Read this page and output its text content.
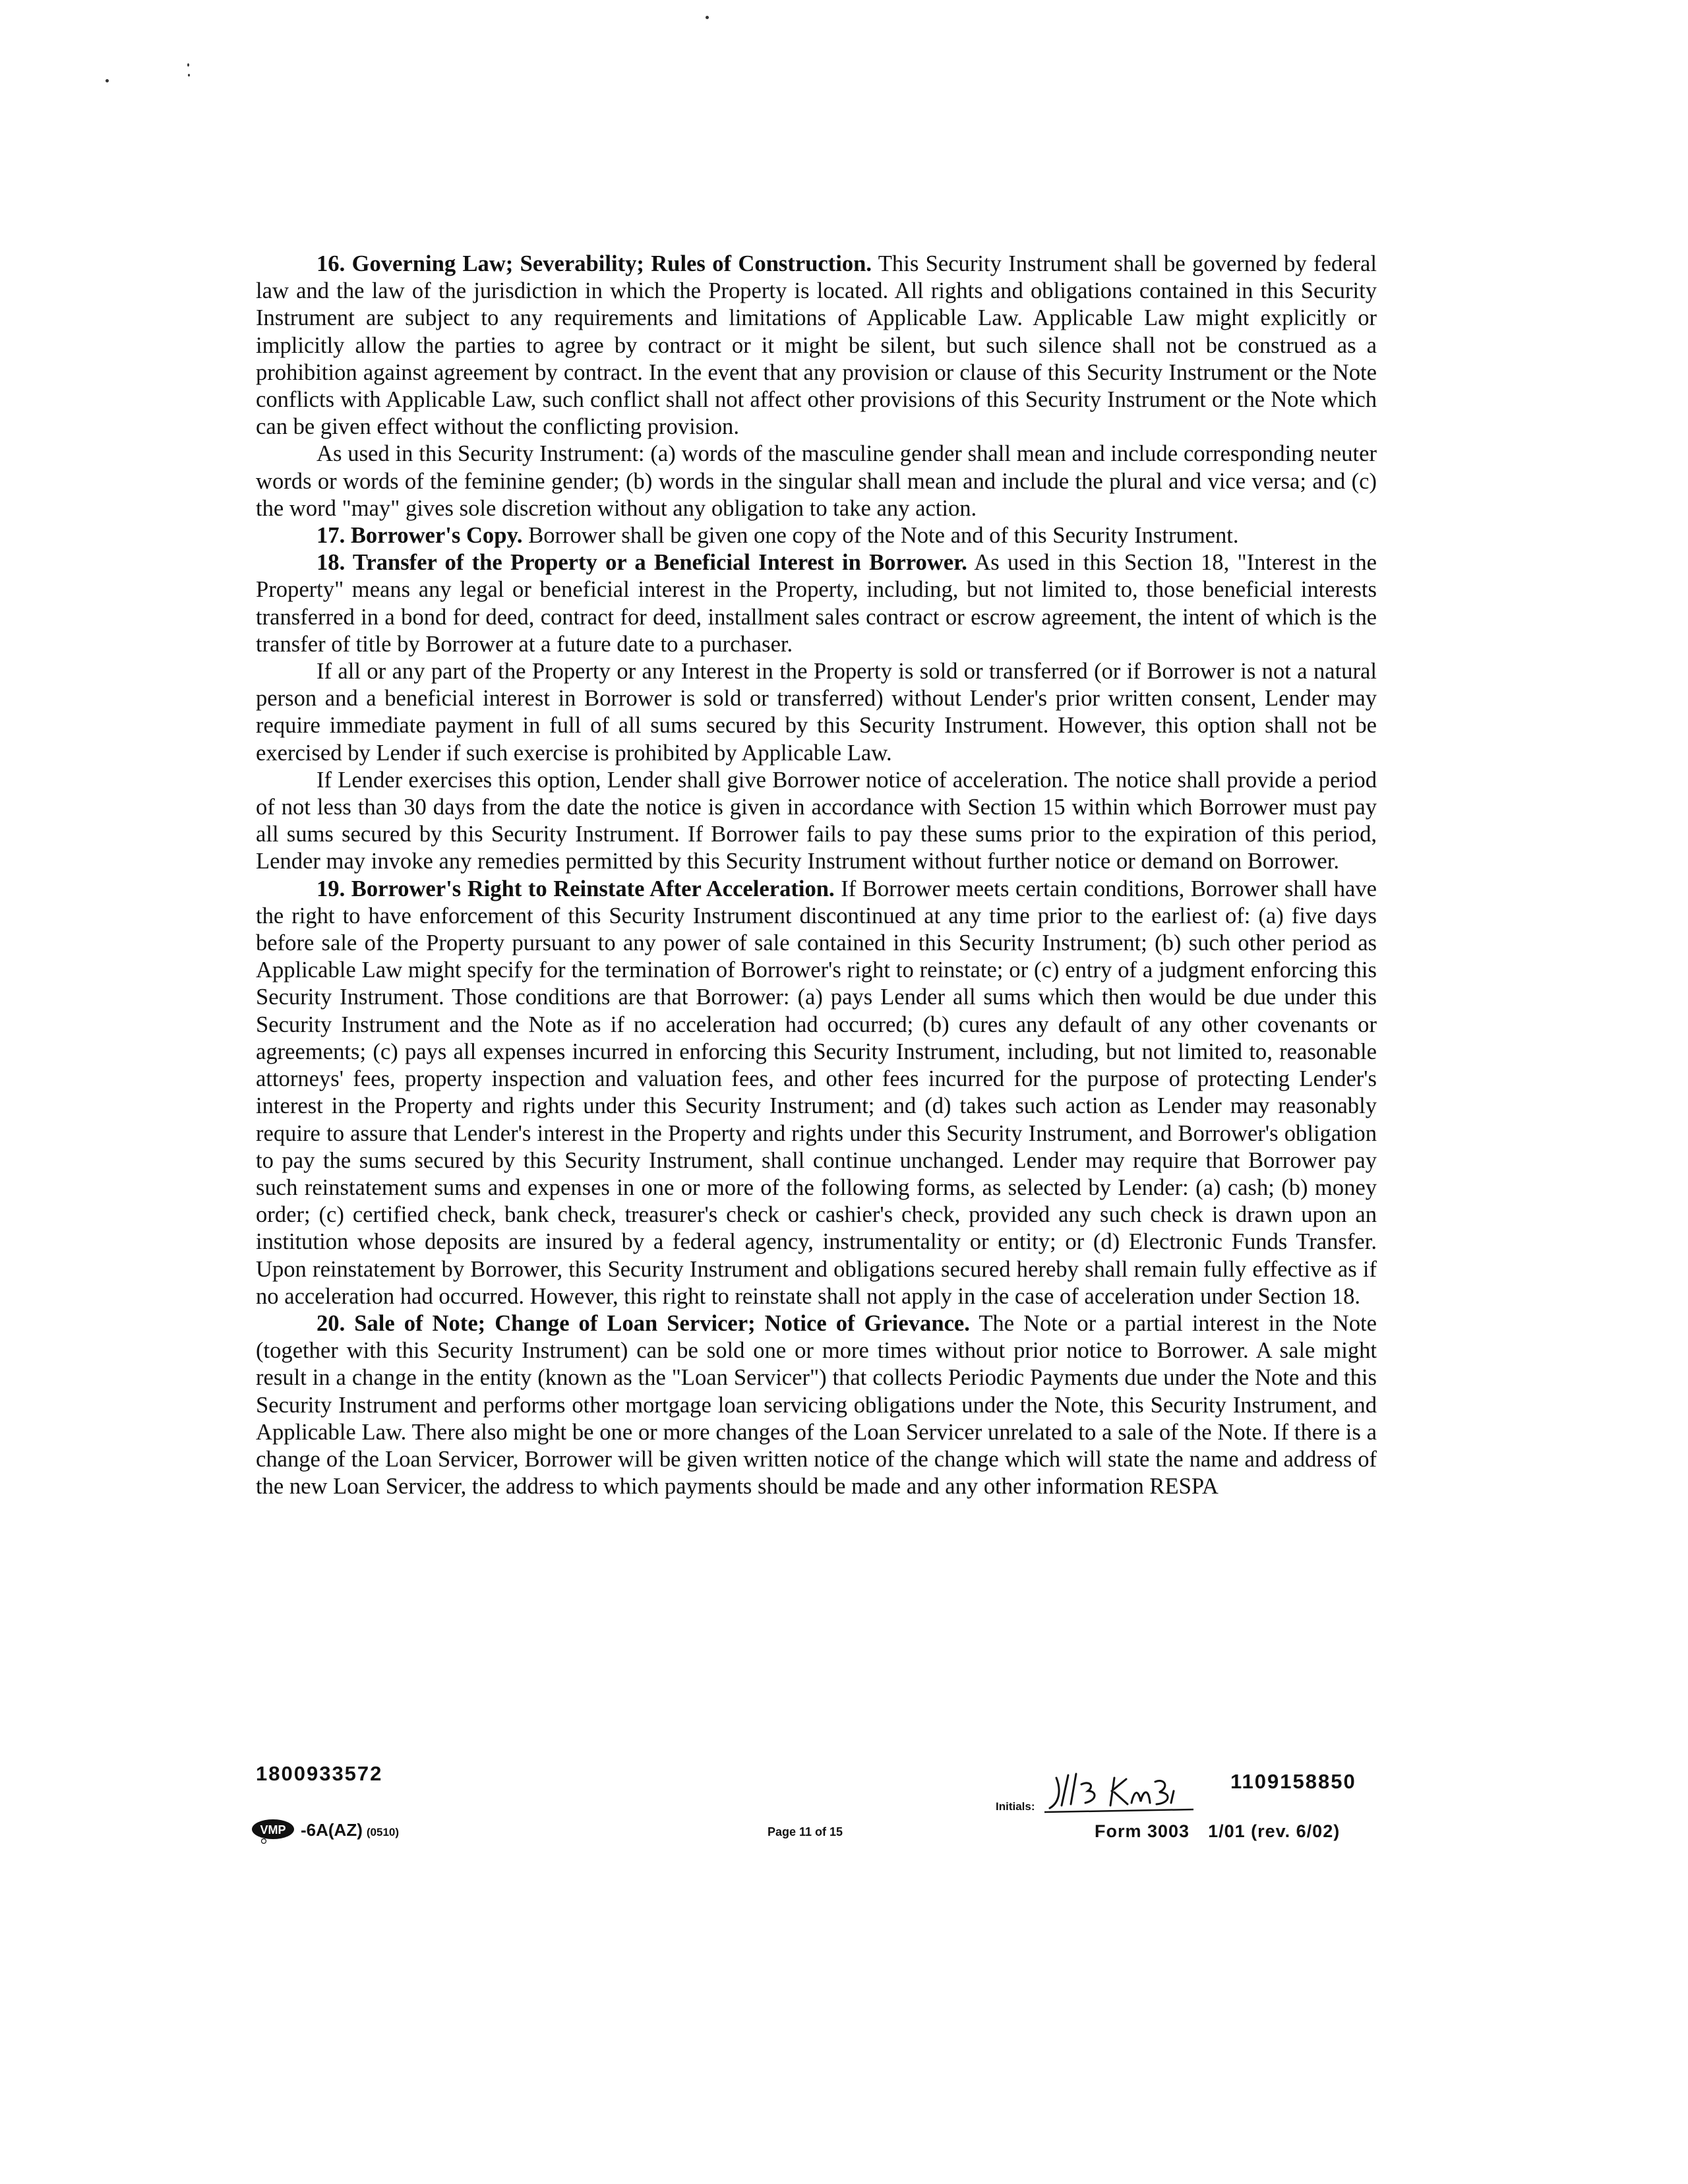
16. Governing Law; Severability; Rules of Construction. This Security Instrument shall be governed by federal law and the law of the jurisdiction in which the Property is located. All rights and obligations contained in this Security Instrument are subject to any requirements and limitations of Applicable Law. Applicable Law might explicitly or implicitly allow the parties to agree by contract or it might be silent, but such silence shall not be construed as a prohibition against agreement by contract. In the event that any provision or clause of this Security Instrument or the Note conflicts with Applicable Law, such conflict shall not affect other provisions of this Security Instrument or the Note which can be given effect without the conflicting provision.

As used in this Security Instrument: (a) words of the masculine gender shall mean and include corresponding neuter words or words of the feminine gender; (b) words in the singular shall mean and include the plural and vice versa; and (c) the word "may" gives sole discretion without any obligation to take any action.

17. Borrower's Copy. Borrower shall be given one copy of the Note and of this Security Instrument.

18. Transfer of the Property or a Beneficial Interest in Borrower. As used in this Section 18, "Interest in the Property" means any legal or beneficial interest in the Property, including, but not limited to, those beneficial interests transferred in a bond for deed, contract for deed, installment sales contract or escrow agreement, the intent of which is the transfer of title by Borrower at a future date to a purchaser.

If all or any part of the Property or any Interest in the Property is sold or transferred (or if Borrower is not a natural person and a beneficial interest in Borrower is sold or transferred) without Lender's prior written consent, Lender may require immediate payment in full of all sums secured by this Security Instrument. However, this option shall not be exercised by Lender if such exercise is prohibited by Applicable Law.

If Lender exercises this option, Lender shall give Borrower notice of acceleration. The notice shall provide a period of not less than 30 days from the date the notice is given in accordance with Section 15 within which Borrower must pay all sums secured by this Security Instrument. If Borrower fails to pay these sums prior to the expiration of this period, Lender may invoke any remedies permitted by this Security Instrument without further notice or demand on Borrower.

19. Borrower's Right to Reinstate After Acceleration. If Borrower meets certain conditions, Borrower shall have the right to have enforcement of this Security Instrument discontinued at any time prior to the earliest of: (a) five days before sale of the Property pursuant to any power of sale contained in this Security Instrument; (b) such other period as Applicable Law might specify for the termination of Borrower's right to reinstate; or (c) entry of a judgment enforcing this Security Instrument. Those conditions are that Borrower: (a) pays Lender all sums which then would be due under this Security Instrument and the Note as if no acceleration had occurred; (b) cures any default of any other covenants or agreements; (c) pays all expenses incurred in enforcing this Security Instrument, including, but not limited to, reasonable attorneys' fees, property inspection and valuation fees, and other fees incurred for the purpose of protecting Lender's interest in the Property and rights under this Security Instrument; and (d) takes such action as Lender may reasonably require to assure that Lender's interest in the Property and rights under this Security Instrument, and Borrower's obligation to pay the sums secured by this Security Instrument, shall continue unchanged. Lender may require that Borrower pay such reinstatement sums and expenses in one or more of the following forms, as selected by Lender: (a) cash; (b) money order; (c) certified check, bank check, treasurer's check or cashier's check, provided any such check is drawn upon an institution whose deposits are insured by a federal agency, instrumentality or entity; or (d) Electronic Funds Transfer. Upon reinstatement by Borrower, this Security Instrument and obligations secured hereby shall remain fully effective as if no acceleration had occurred. However, this right to reinstate shall not apply in the case of acceleration under Section 18.

20. Sale of Note; Change of Loan Servicer; Notice of Grievance. The Note or a partial interest in the Note (together with this Security Instrument) can be sold one or more times without prior notice to Borrower. A sale might result in a change in the entity (known as the "Loan Servicer") that collects Periodic Payments due under the Note and this Security Instrument and performs other mortgage loan servicing obligations under the Note, this Security Instrument, and Applicable Law. There also might be one or more changes of the Loan Servicer unrelated to a sale of the Note. If there is a change of the Loan Servicer, Borrower will be given written notice of the change which will state the name and address of the new Loan Servicer, the address to which payments should be made and any other information RESPA

1800933572	1109158850
VMP -6A(AZ) (0510)	Page 11 of 15
Initials:
Form 3003 1/01 (rev. 6/02)
